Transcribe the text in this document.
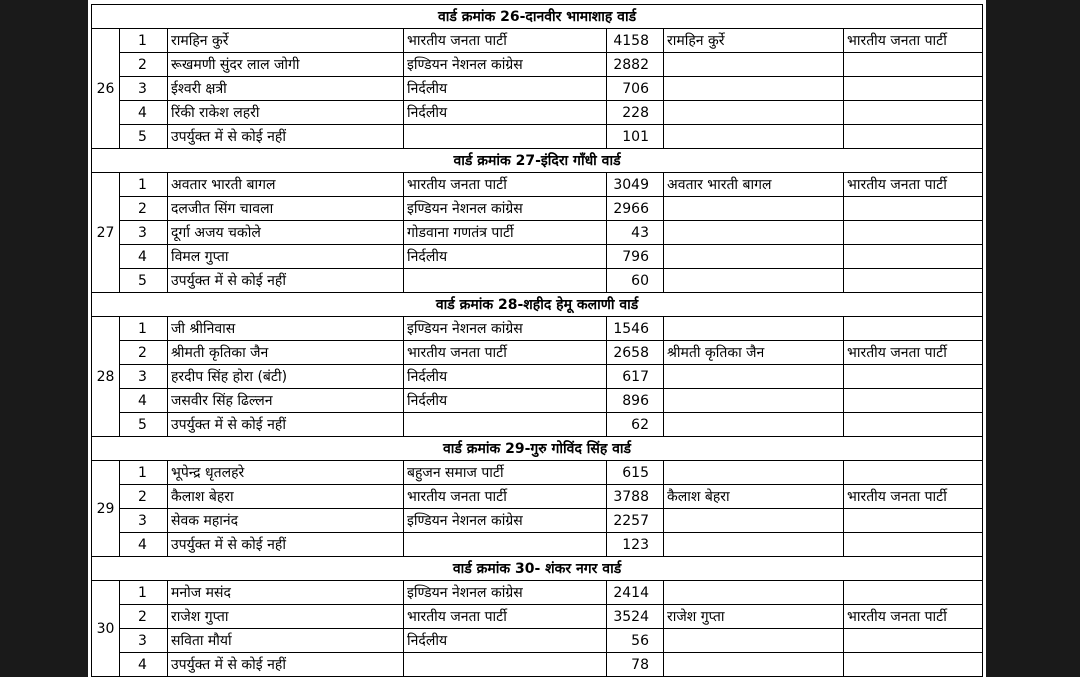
वार्ड क्रमांक 26-दानवीर भामाशाह वार्ड						
26	1	रामहिन कुर्रे	भारतीय जनता पार्टी	4158	रामहिन कुर्रे	भारतीय जनता पार्टी
	2	रूखमणी सुंदर लाल जोगी	इण्डियन नेशनल कांग्रेस	2882		
	3	ईश्वरी क्षत्री	निर्दलीय	706		
	4	रिंकी राकेश लहरी	निर्दलीय	228		
	5	उपर्युक्त में से कोई नहीं		101		
वार्ड क्रमांक 27-इंदिरा गाँधी वार्ड						
27	1	अवतार भारती बागल	भारतीय जनता पार्टी	3049	अवतार भारती बागल	भारतीय जनता पार्टी
	2	दलजीत सिंग चावला	इण्डियन नेशनल कांग्रेस	2966		
	3	दूर्गा अजय चकोले	गोडवाना गणतंत्र पार्टी	43		
	4	विमल गुप्ता	निर्दलीय	796		
	5	उपर्युक्त में से कोई नहीं		60		
वार्ड क्रमांक 28-शहीद हेमू कलाणी वार्ड						
28	1	जी श्रीनिवास	इण्डियन नेशनल कांग्रेस	1546		
	2	श्रीमती कृतिका जैन	भारतीय जनता पार्टी	2658	श्रीमती कृतिका जैन	भारतीय जनता पार्टी
	3	हरदीप सिंह होरा (बंटी)	निर्दलीय	617		
	4	जसवीर सिंह ढिल्लन	निर्दलीय	896		
	5	उपर्युक्त में से कोई नहीं		62		
वार्ड क्रमांक 29-गुरु गोविंद सिंह वार्ड						
29	1	भूपेन्द्र धृतलहरे	बहुजन समाज पार्टी	615		
	2	कैलाश बेहरा	भारतीय जनता पार्टी	3788	कैलाश बेहरा	भारतीय जनता पार्टी
	3	सेवक महानंद	इण्डियन नेशनल कांग्रेस	2257		
	4	उपर्युक्त में से कोई नहीं		123		
वार्ड क्रमांक 30- शंकर नगर वार्ड						
30	1	मनोज मसंद	इण्डियन नेशनल कांग्रेस	2414		
	2	राजेश गुप्ता	भारतीय जनता पार्टी	3524	राजेश गुप्ता	भारतीय जनता पार्टी
	3	सविता मौर्या	निर्दलीय	56		
	4	उपर्युक्त में से कोई नहीं		78		
